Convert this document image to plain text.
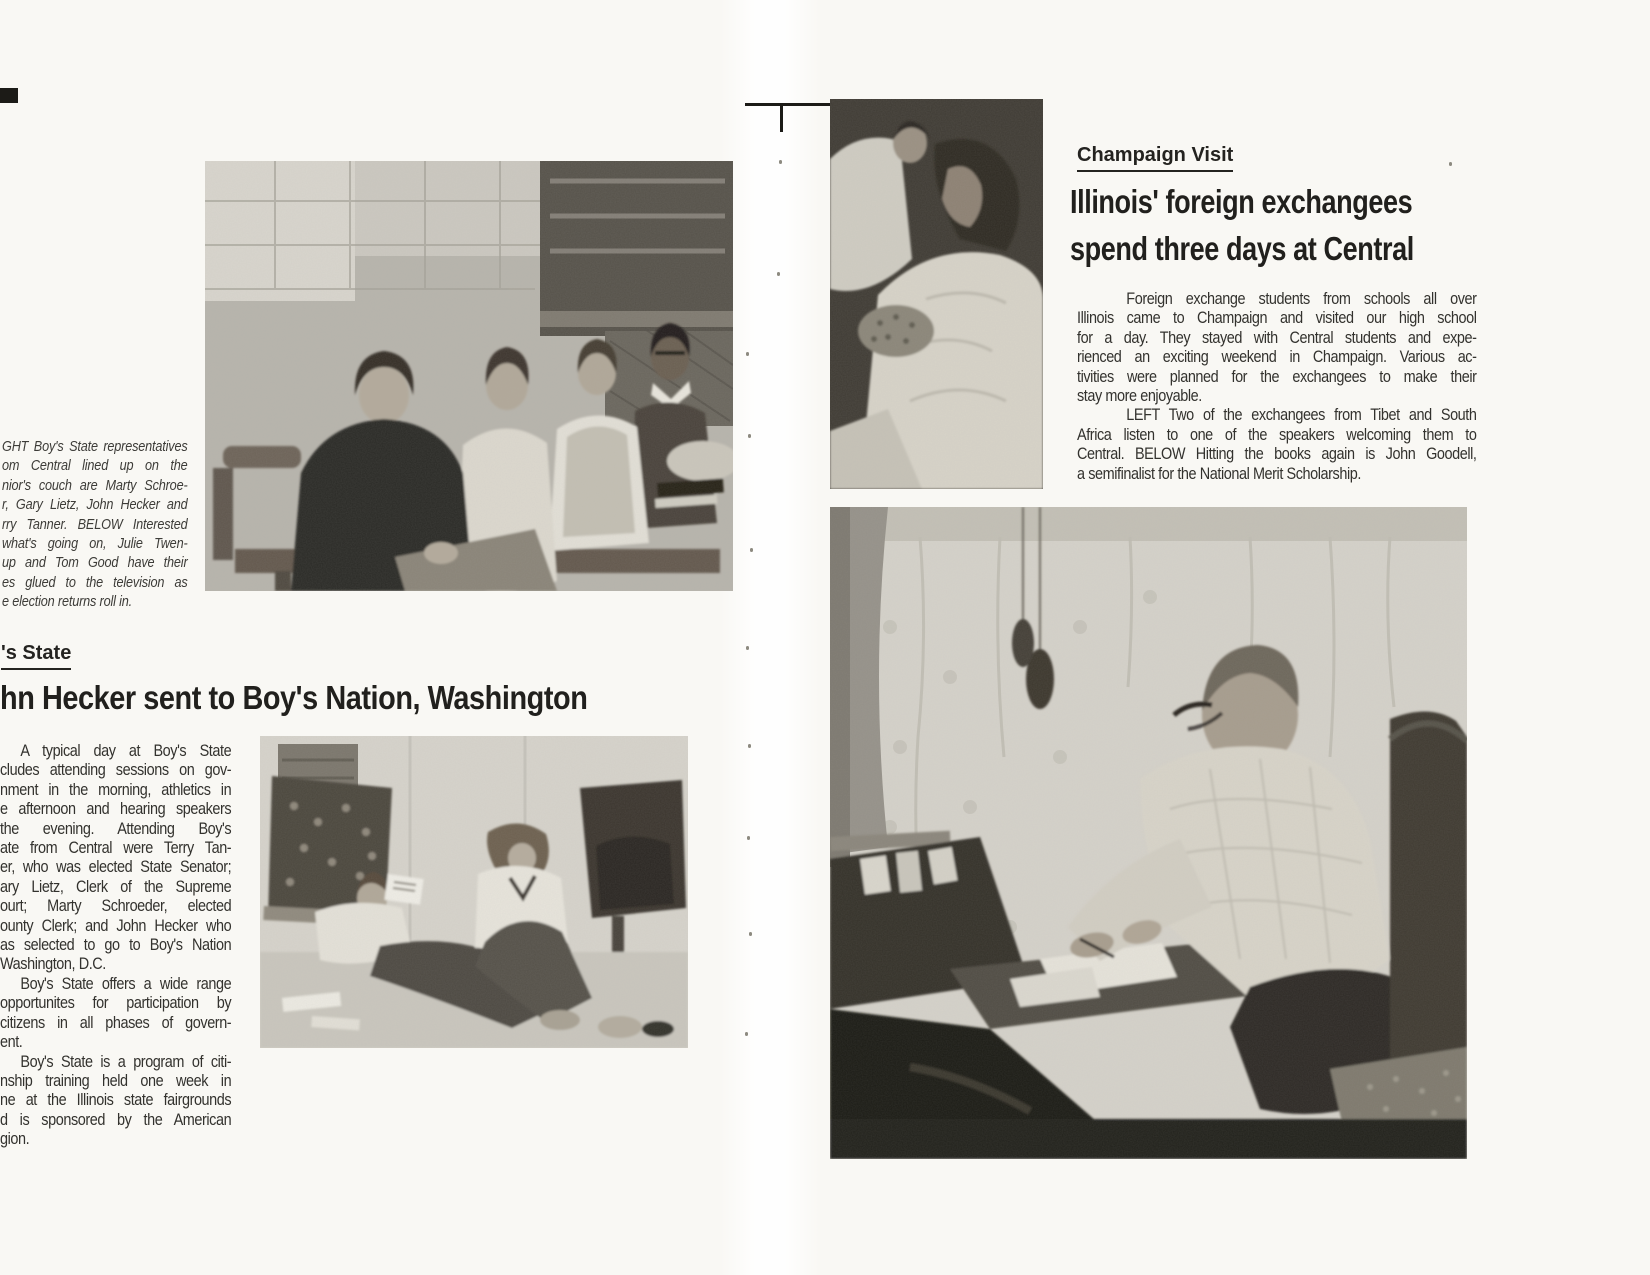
GHT Boy's State representatives
om Central lined up on the
nior's couch are Marty Schroe-
r, Gary Lietz, John Hecker and
rry Tanner. BELOW Interested
what's going on, Julie Twen-
up and Tom Good have their
es glued to the television as
e election returns roll in.
's State
hn Hecker sent to Boy's Nation, Washington
A typical day at Boy's State
cludes attending sessions on gov-
nment in the morning, athletics in
e afternoon and hearing speakers
the evening. Attending Boy's
ate from Central were Terry Tan-
er, who was elected State Senator;
ary Lietz, Clerk of the Supreme
ourt; Marty Schroeder, elected
ounty Clerk; and John Hecker who
as selected to go to Boy's Nation
Washington, D.C.
Boy's State offers a wide range
opportunites for participation by
citizens in all phases of govern-
ent.
Boy's State is a program of citi-
nship training held one week in
ne at the Illinois state fairgrounds
d is sponsored by the American
gion.
Champaign Visit
Illinois' foreign exchangees
spend three days at Central
Foreign exchange students from schools all over
Illinois came to Champaign and visited our high school
for a day. They stayed with Central students and expe-
rienced an exciting weekend in Champaign. Various ac-
tivities were planned for the exchangees to make their
stay more enjoyable.
LEFT Two of the exchangees from Tibet and South
Africa listen to one of the speakers welcoming them to
Central. BELOW Hitting the books again is John Goodell,
a semifinalist for the National Merit Scholarship.
